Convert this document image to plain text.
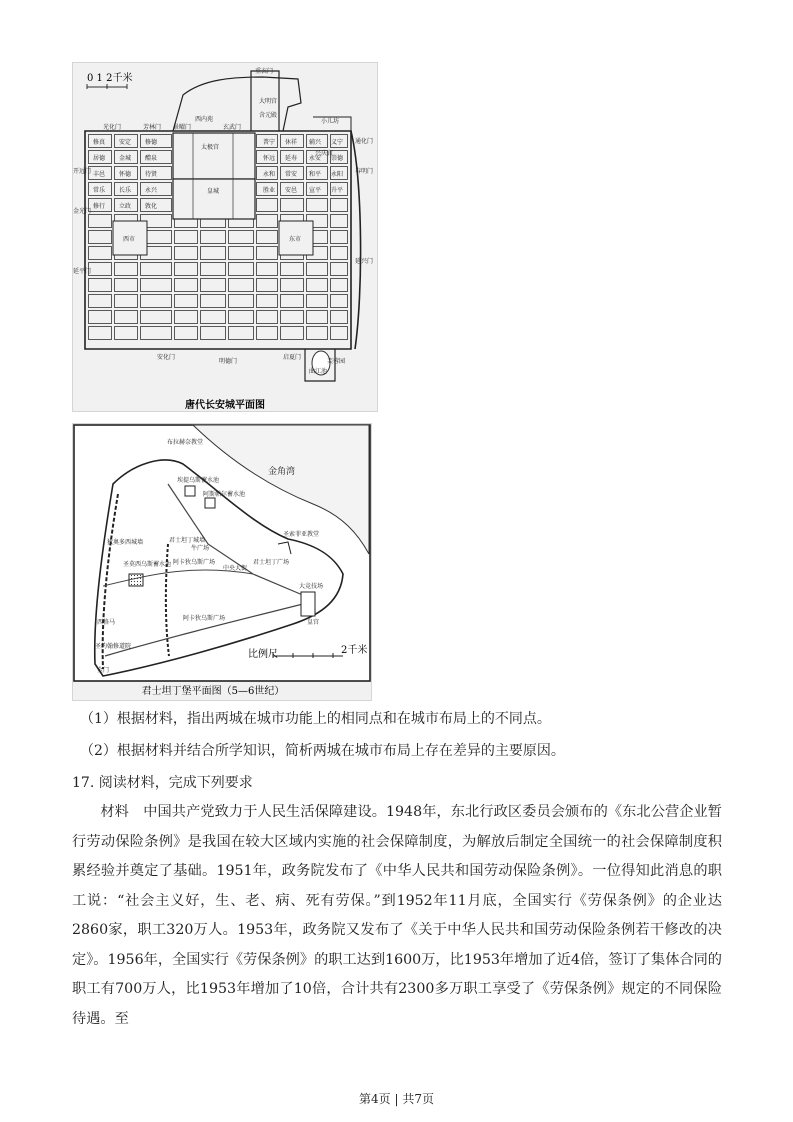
0 1 2千米
重玄门
玄武门
西内苑
太极宫
皇城
大明宫
含元殿
兴庆宫
曲江池
芙蓉园
小儿坊
光化门	芳林门 景曜门
开远门
金光门
延平门
春明门
延兴门
安化门
明德门
启夏门
通化门
修真 安定 修德	普宁 休祥 辅兴 义宁
居德 金城 醴泉	怀远 延寿 永安 崇德
丰邑 怀德 待贤	永和 常安 和平 永阳
常乐 长乐 永兴	胜业 安邑 宣平 升平
修行 立政 敦化
西市	东市
唐代长安城平面图
比例尺	2千米
布拉赫奈教堂
埃提乌斯蓄水池
阿斯帕尔蓄水池
圣莫西乌斯蓄水池 阿卡狄乌斯广场
阿卡狄乌斯广场
西格马
圣约翰修道院
金门
牛广场
中央大街
君士坦丁广场
圣索菲亚教堂
大竞技场
皇宫
君士坦丁城墙
狄奥多西城墙
金角湾
君士坦丁堡平面图（5—6世纪）
（1）根据材料，指出两城在城市功能上的相同点和在城市布局上的不同点。
（2）根据材料并结合所学知识，简析两城在城市布局上存在差异的主要原因。
17. 阅读材料，完成下列要求

材料　中国共产党致力于人民生活保障建设。1948年，东北行政区委员会颁布的《东北公营企业暂行劳动保险条例》是我国在较大区域内实施的社会保障制度，为解放后制定全国统一的社会保障制度积累经验并奠定了基础。1951年，政务院发布了《中华人民共和国劳动保险条例》。一位得知此消息的职工说：“社会主义好，生、老、病、死有劳保。”到1952年11月底，全国实行《劳保条例》的企业达2860家，职工320万人。1953年，政务院又发布了《关于中华人民共和国劳动保险条例若干修改的决定》。1956年，全国实行《劳保条例》的职工达到1600万，比1953年增加了近4倍，签订了集体合同的职工有700万人，比1953年增加了10倍，合计共有2300多万职工享受了《劳保条例》规定的不同保险待遇。至

第4页 | 共7页
